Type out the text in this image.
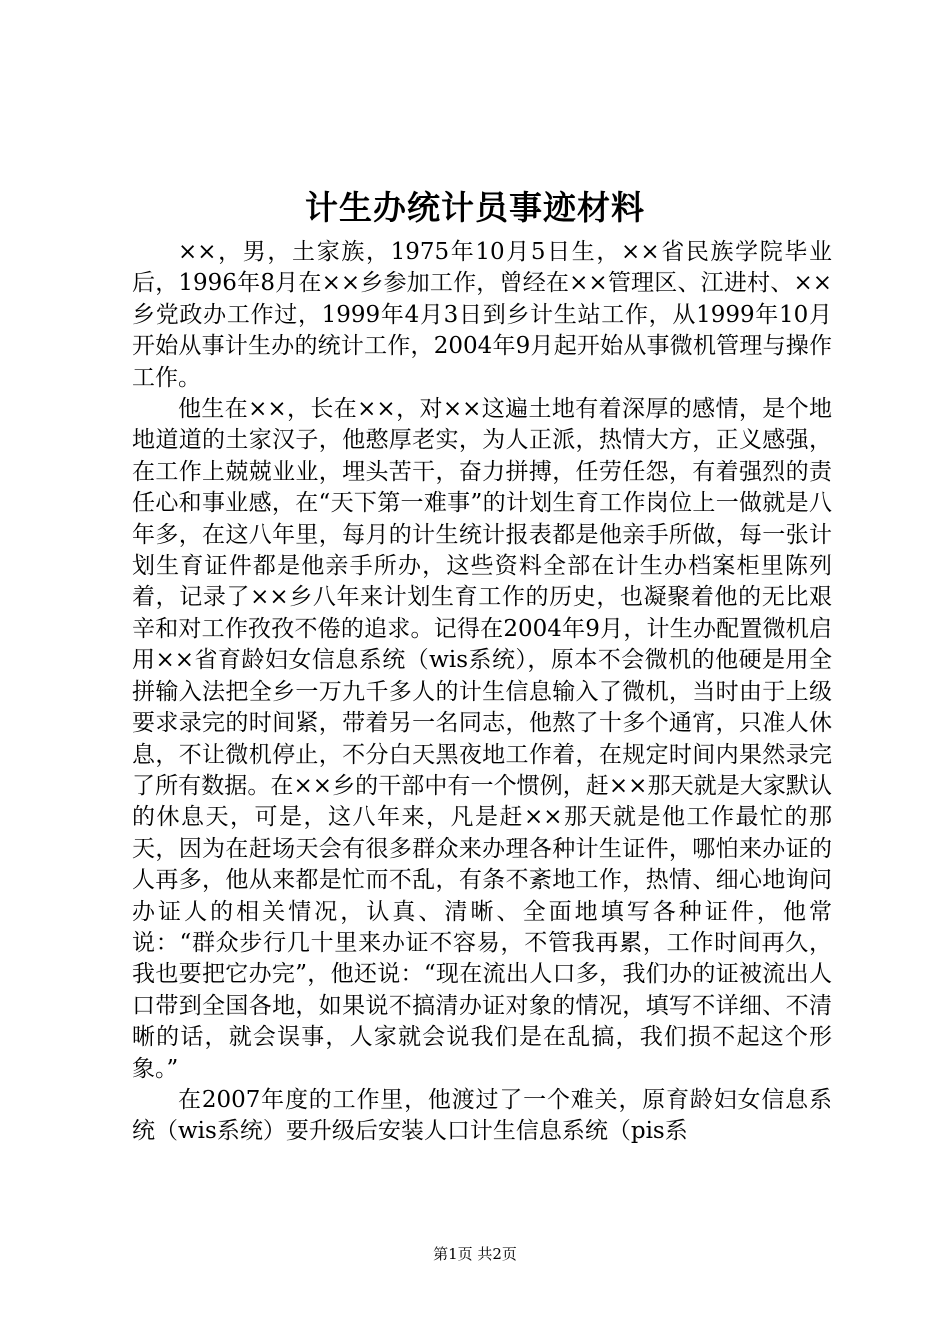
计生办统计员事迹材料

××，男，土家族，1975年10月5日生，××省民族学院毕业后，1996年8月在××乡参加工作，曾经在××管理区、江进村、××乡党政办工作过，1999年4月3日到乡计生站工作，从1999年10月开始从事计生办的统计工作，2004年9月起开始从事微机管理与操作工作。

他生在××，长在××，对××这遍土地有着深厚的感情，是个地地道道的土家汉子，他憨厚老实，为人正派，热情大方，正义感强，在工作上兢兢业业，埋头苦干，奋力拼搏，任劳任怨，有着强烈的责任心和事业感，在“天下第一难事”的计划生育工作岗位上一做就是八年多，在这八年里，每月的计生统计报表都是他亲手所做，每一张计划生育证件都是他亲手所办，这些资料全部在计生办档案柜里陈列着，记录了××乡八年来计划生育工作的历史，也凝聚着他的无比艰辛和对工作孜孜不倦的追求。记得在2004年9月，计生办配置微机启用××省育龄妇女信息系统（wis系统），原本不会微机的他硬是用全拼输入法把全乡一万九千多人的计生信息输入了微机，当时由于上级要求录完的时间紧，带着另一名同志，他熬了十多个通宵，只准人休息，不让微机停止，不分白天黑夜地工作着，在规定时间内果然录完了所有数据。在××乡的干部中有一个惯例，赶××那天就是大家默认的休息天，可是，这八年来，凡是赶××那天就是他工作最忙的那天，因为在赶场天会有很多群众来办理各种计生证件，哪怕来办证的人再多，他从来都是忙而不乱，有条不紊地工作，热情、细心地询问办证人的相关情况，认真、清晰、全面地填写各种证件，他常说：“群众步行几十里来办证不容易，不管我再累，工作时间再久，我也要把它办完”，他还说：“现在流出人口多，我们办的证被流出人口带到全国各地，如果说不搞清办证对象的情况，填写不详细、不清晰的话，就会误事，人家就会说我们是在乱搞，我们损不起这个形象。”

在2007年度的工作里，他渡过了一个难关，原育龄妇女信息系统（wis系统）要升级后安装人口计生信息系统（pis系

第1页 共2页
